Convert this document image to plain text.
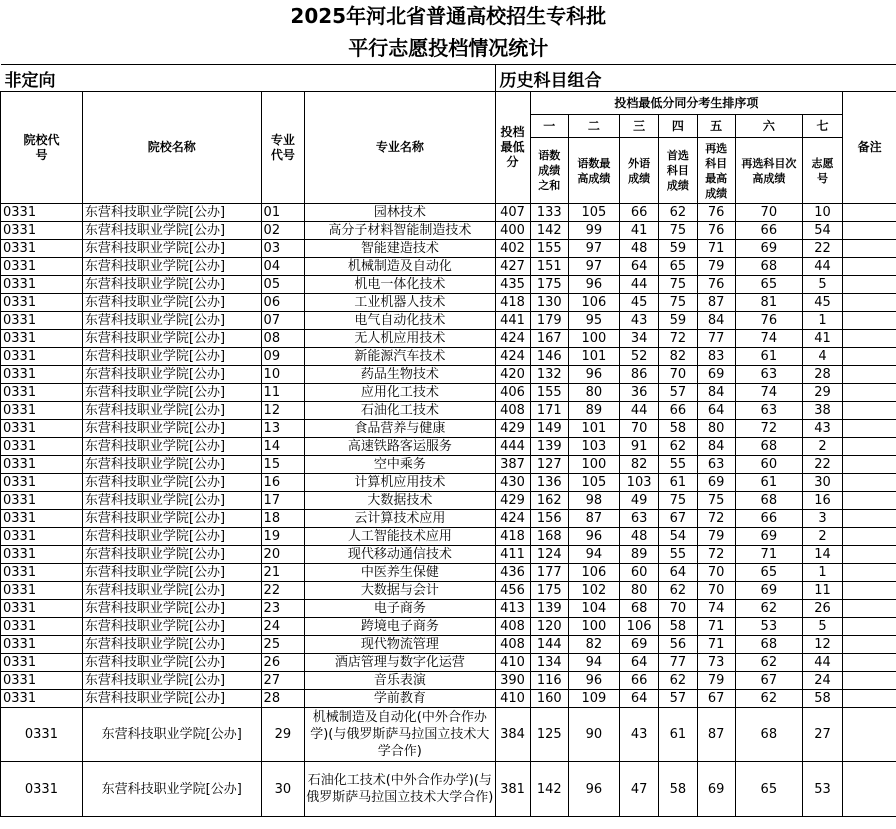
2025年河北省普通高校招生专科批												
平行志愿投档情况统计												
非定向				历史科目组合								
院校代号	院校名称	专业代号	专业名称	投档最低分	投档最低分同分考生排序项							备注
					一	二	三	四	五	六	七	
					语数成绩之和	语数最高成绩	外语成绩	首选科目成绩	再选科目最高成绩	再选科目次高成绩	志愿号	
0331	东营科技职业学院[公办]	01	园林技术	407	133	105	66	62	76	70	10	
0331	东营科技职业学院[公办]	02	高分子材料智能制造技术	400	142	99	41	75	76	66	54	
0331	东营科技职业学院[公办]	03	智能建造技术	402	155	97	48	59	71	69	22	
0331	东营科技职业学院[公办]	04	机械制造及自动化	427	151	97	64	65	79	68	44	
0331	东营科技职业学院[公办]	05	机电一体化技术	435	175	96	44	75	76	65	5	
0331	东营科技职业学院[公办]	06	工业机器人技术	418	130	106	45	75	87	81	45	
0331	东营科技职业学院[公办]	07	电气自动化技术	441	179	95	43	59	84	76	1	
0331	东营科技职业学院[公办]	08	无人机应用技术	424	167	100	34	72	77	74	41	
0331	东营科技职业学院[公办]	09	新能源汽车技术	424	146	101	52	82	83	61	4	
0331	东营科技职业学院[公办]	10	药品生物技术	420	132	96	86	70	69	63	28	
0331	东营科技职业学院[公办]	11	应用化工技术	406	155	80	36	57	84	74	29	
0331	东营科技职业学院[公办]	12	石油化工技术	408	171	89	44	66	64	63	38	
0331	东营科技职业学院[公办]	13	食品营养与健康	429	149	101	70	58	80	72	43	
0331	东营科技职业学院[公办]	14	高速铁路客运服务	444	139	103	91	62	84	68	2	
0331	东营科技职业学院[公办]	15	空中乘务	387	127	100	82	55	63	60	22	
0331	东营科技职业学院[公办]	16	计算机应用技术	430	136	105	103	61	69	61	30	
0331	东营科技职业学院[公办]	17	大数据技术	429	162	98	49	75	75	68	16	
0331	东营科技职业学院[公办]	18	云计算技术应用	424	156	87	63	67	72	66	3	
0331	东营科技职业学院[公办]	19	人工智能技术应用	418	168	96	48	54	79	69	2	
0331	东营科技职业学院[公办]	20	现代移动通信技术	411	124	94	89	55	72	71	14	
0331	东营科技职业学院[公办]	21	中医养生保健	436	177	106	60	64	70	65	1	
0331	东营科技职业学院[公办]	22	大数据与会计	456	175	102	80	62	70	69	11	
0331	东营科技职业学院[公办]	23	电子商务	413	139	104	68	70	74	62	26	
0331	东营科技职业学院[公办]	24	跨境电子商务	408	120	100	106	58	71	53	5	
0331	东营科技职业学院[公办]	25	现代物流管理	408	144	82	69	56	71	68	12	
0331	东营科技职业学院[公办]	26	酒店管理与数字化运营	410	134	94	64	77	73	62	44	
0331	东营科技职业学院[公办]	27	音乐表演	390	116	96	66	62	79	67	24	
0331	东营科技职业学院[公办]	28	学前教育	410	160	109	64	57	67	62	58	
0331	东营科技职业学院[公办]	29	机械制造及自动化(中外合作办学)(与俄罗斯萨马拉国立技术大学合作)	384	125	90	43	61	87	68	27	
0331	东营科技职业学院[公办]	30	石油化工技术(中外合作办学)(与俄罗斯萨马拉国立技术大学合作)	381	142	96	47	58	69	65	53	
